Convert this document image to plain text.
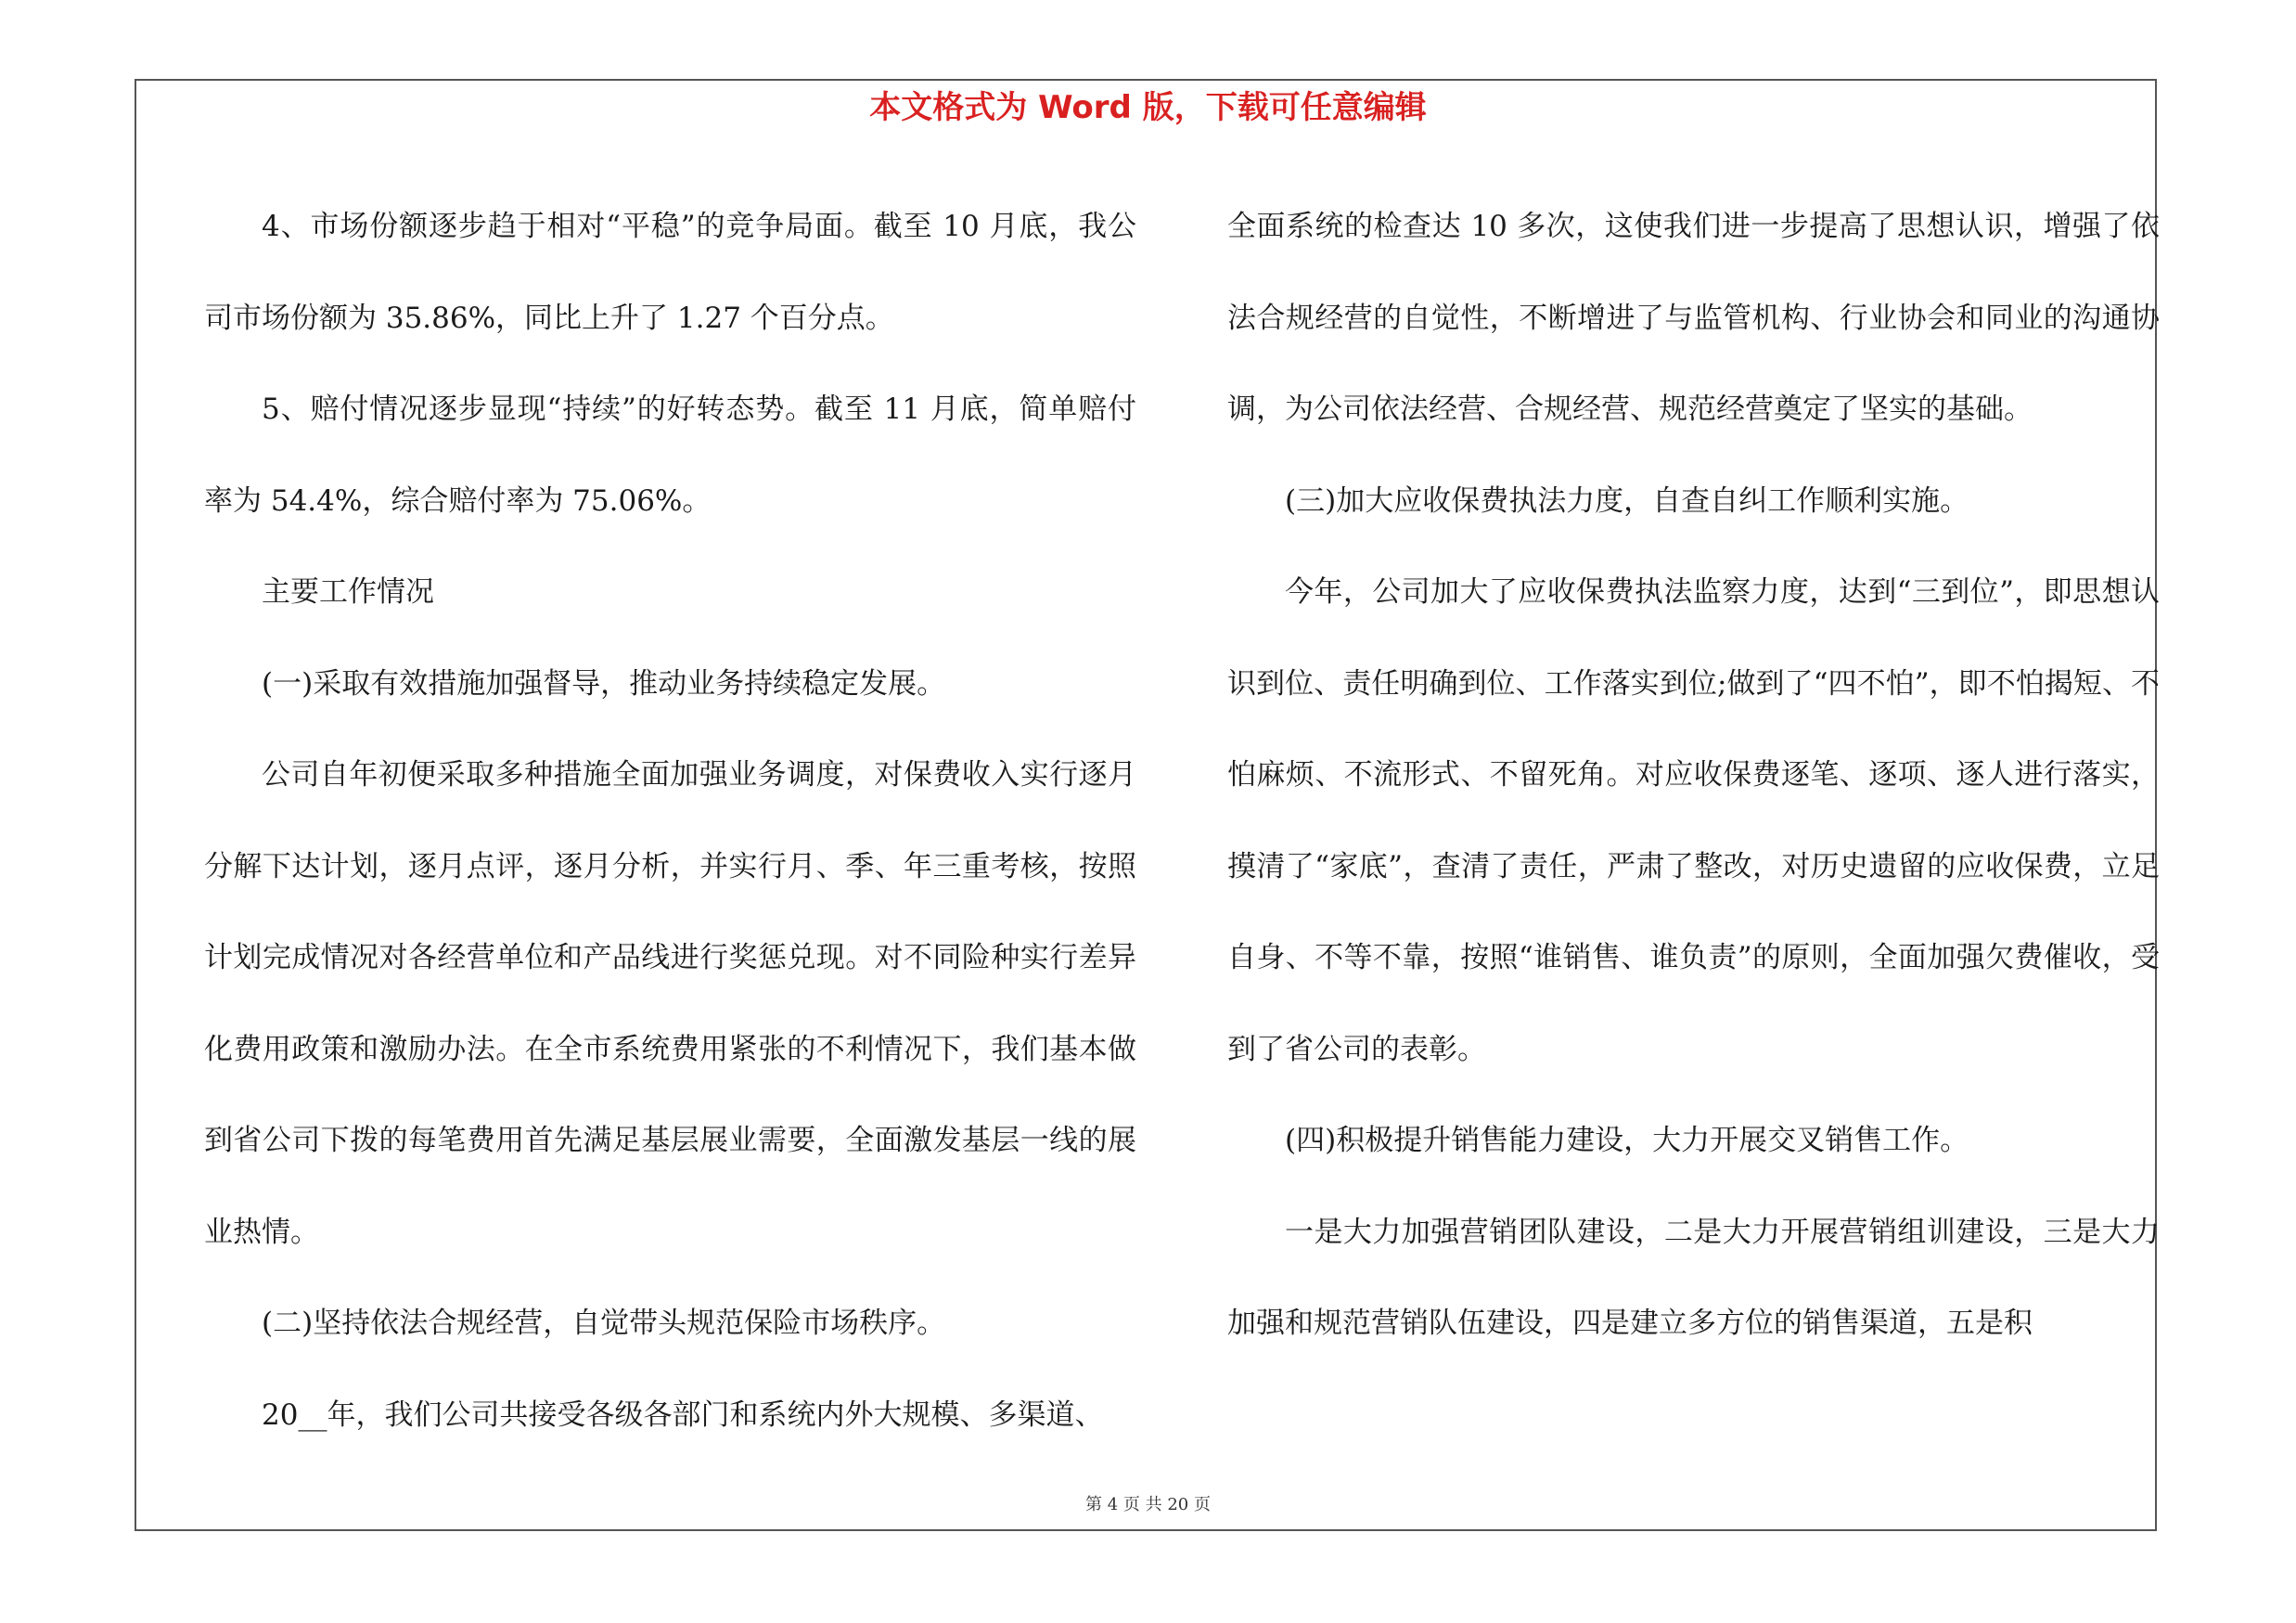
本文格式为 Word 版，下载可任意编辑

4、市场份额逐步趋于相对“平稳”的竞争局面。截至 10 月底，我公司市场份额为 35.86%，同比上升了 1.27 个百分点。

5、赔付情况逐步显现“持续”的好转态势。截至 11 月底，简单赔付率为 54.4%，综合赔付率为 75.06%。

主要工作情况

(一)采取有效措施加强督导，推动业务持续稳定发展。

公司自年初便采取多种措施全面加强业务调度，对保费收入实行逐月分解下达计划，逐月点评，逐月分析，并实行月、季、年三重考核，按照计划完成情况对各经营单位和产品线进行奖惩兑现。对不同险种实行差异化费用政策和激励办法。在全市系统费用紧张的不利情况下，我们基本做到省公司下拨的每笔费用首先满足基层展业需要，全面激发基层一线的展业热情。

(二)坚持依法合规经营，自觉带头规范保险市场秩序。

20__年，我们公司共接受各级各部门和系统内外大规模、多渠道、

全面系统的检查达 10 多次，这使我们进一步提高了思想认识，增强了依法合规经营的自觉性，不断增进了与监管机构、行业协会和同业的沟通协调，为公司依法经营、合规经营、规范经营奠定了坚实的基础。

(三)加大应收保费执法力度，自查自纠工作顺利实施。

今年，公司加大了应收保费执法监察力度，达到“三到位”，即思想认识到位、责任明确到位、工作落实到位;做到了“四不怕”，即不怕揭短、不怕麻烦、不流形式、不留死角。对应收保费逐笔、逐项、逐人进行落实，摸清了“家底”，查清了责任，严肃了整改，对历史遗留的应收保费，立足自身、不等不靠，按照“谁销售、谁负责”的原则，全面加强欠费催收，受到了省公司的表彰。

(四)积极提升销售能力建设，大力开展交叉销售工作。

一是大力加强营销团队建设，二是大力开展营销组训建设，三是大力加强和规范营销队伍建设，四是建立多方位的销售渠道，五是积

第 4 页 共 20 页
